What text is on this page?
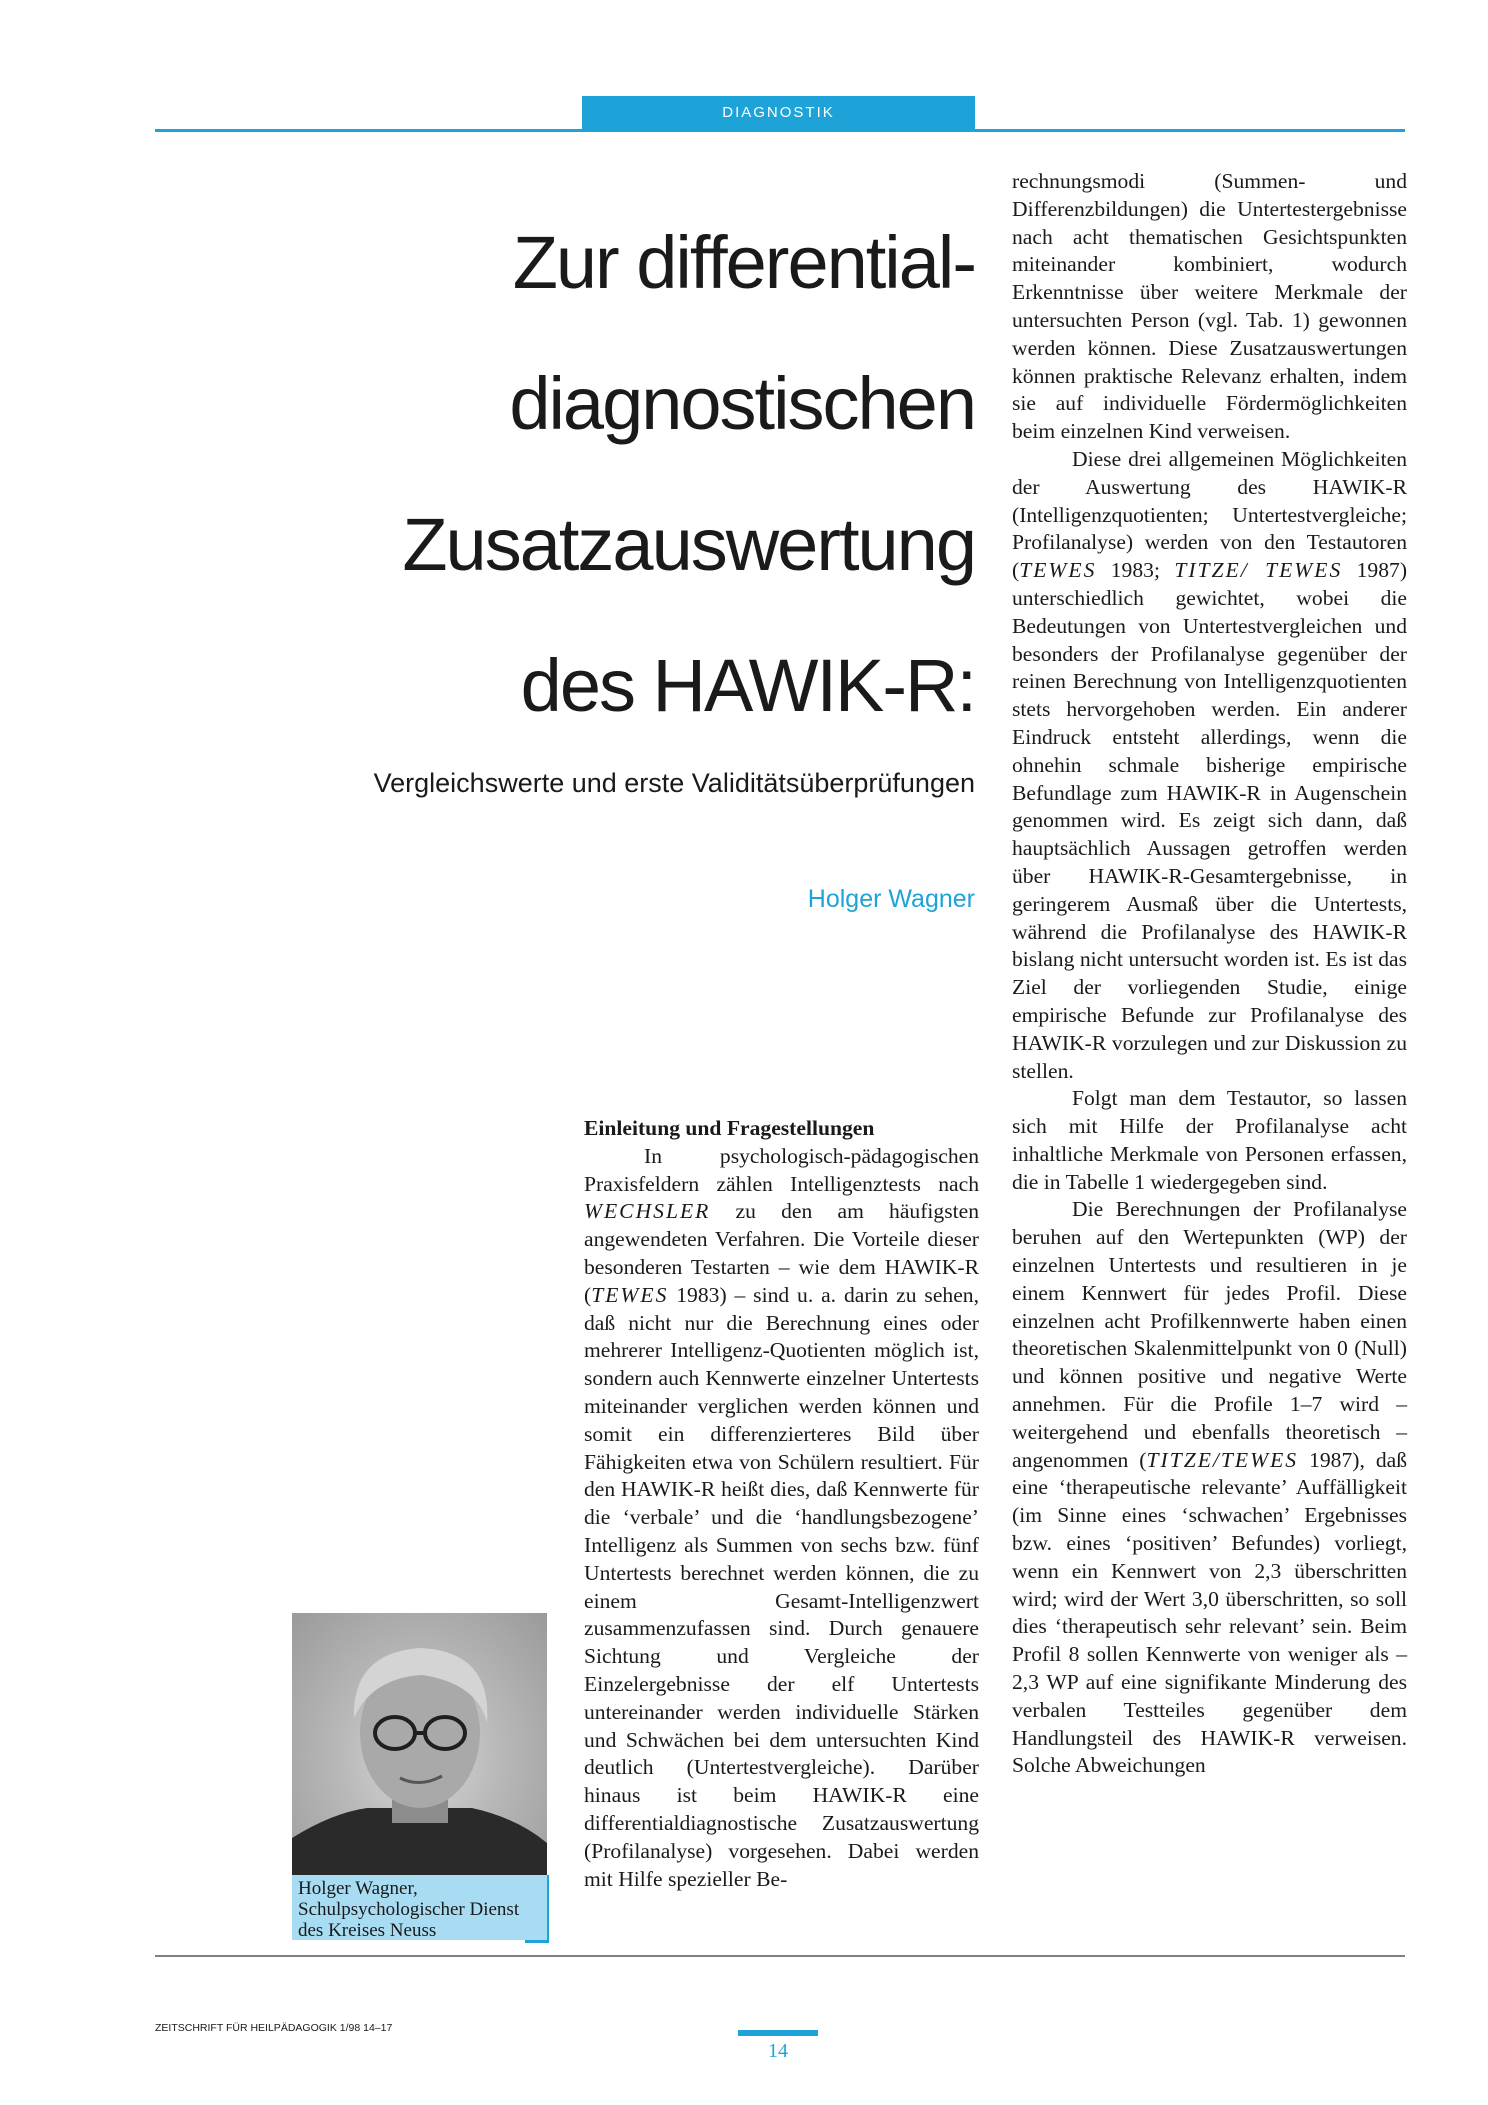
DIAGNOSTIK
Zur differential-
diagnostischen
Zusatzauswertung
des HAWIK-R:
Vergleichswerte und erste Validitätsüberprüfungen
Holger Wagner
Holger Wagner, Schulpsychologischer Dienst des Kreises Neuss

Einleitung und Fragestellungen

In psychologisch-pädagogischen Praxisfeldern zählen Intelligenztests nach WECHSLER zu den am häufigsten angewendeten Verfahren. Die Vorteile dieser besonderen Testarten – wie dem HAWIK-R (TEWES 1983) – sind u. a. darin zu sehen, daß nicht nur die Berechnung eines oder mehrerer Intelligenz-Quotienten möglich ist, sondern auch Kennwerte einzelner Untertests miteinander verglichen werden können und somit ein differenzierteres Bild über Fähigkeiten etwa von Schülern resultiert. Für den HAWIK-R heißt dies, daß Kennwerte für die ‘verbale’ und die ‘handlungsbezogene’ Intelligenz als Summen von sechs bzw. fünf Untertests berechnet werden können, die zu einem Gesamt-Intelligenzwert zusammenzufassen sind. Durch genauere Sichtung und Vergleiche der Einzelergebnisse der elf Untertests untereinander werden individuelle Stärken und Schwächen bei dem untersuchten Kind deutlich (Untertestvergleiche). Darüber hinaus ist beim HAWIK-R eine differentialdiagnostische Zusatzauswertung (Profilanalyse) vorgesehen. Dabei werden mit Hilfe spezieller Be-

rechnungsmodi (Summen- und Differenzbildungen) die Untertestergebnisse nach acht thematischen Gesichtspunkten miteinander kombiniert, wodurch Erkenntnisse über weitere Merkmale der untersuchten Person (vgl. Tab. 1) gewonnen werden können. Diese Zusatzauswertungen können praktische Relevanz erhalten, indem sie auf individuelle Fördermöglichkeiten beim einzelnen Kind verweisen.

Diese drei allgemeinen Möglichkeiten der Auswertung des HAWIK-R (Intelligenzquotienten; Untertestvergleiche; Profilanalyse) werden von den Testautoren (TEWES 1983; TITZE/ TEWES 1987) unterschiedlich gewichtet, wobei die Bedeutungen von Untertestvergleichen und besonders der Profilanalyse gegenüber der reinen Berechnung von Intelligenzquotienten stets hervorgehoben werden. Ein anderer Eindruck entsteht allerdings, wenn die ohnehin schmale bisherige empirische Befundlage zum HAWIK-R in Augenschein genommen wird. Es zeigt sich dann, daß hauptsächlich Aussagen getroffen werden über HAWIK-R-Gesamtergebnisse, in geringerem Ausmaß über die Untertests, während die Profilanalyse des HAWIK-R bislang nicht untersucht worden ist. Es ist das Ziel der vorliegenden Studie, einige empirische Befunde zur Profilanalyse des HAWIK-R vorzulegen und zur Diskussion zu stellen.

Folgt man dem Testautor, so lassen sich mit Hilfe der Profilanalyse acht inhaltliche Merkmale von Personen erfassen, die in Tabelle 1 wiedergegeben sind.

Die Berechnungen der Profilanalyse beruhen auf den Wertepunkten (WP) der einzelnen Untertests und resultieren in je einem Kennwert für jedes Profil. Diese einzelnen acht Profilkennwerte haben einen theoretischen Skalenmittelpunkt von 0 (Null) und können positive und negative Werte annehmen. Für die Profile 1–7 wird – weitergehend und ebenfalls theoretisch – angenommen (TITZE/TEWES 1987), daß eine ‘therapeutische relevante’ Auffälligkeit (im Sinne eines ‘schwachen’ Ergebnisses bzw. eines ‘positiven’ Befundes) vorliegt, wenn ein Kennwert von 2,3 überschritten wird; wird der Wert 3,0 überschritten, so soll dies ‘therapeutisch sehr relevant’ sein. Beim Profil 8 sollen Kennwerte von weniger als –2,3 WP auf eine signifikante Minderung des verbalen Testteiles gegenüber dem Handlungsteil des HAWIK-R verweisen. Solche Abweichungen

ZEITSCHRIFT FÜR HEILPÄDAGOGIK 1/98 14–17
14
